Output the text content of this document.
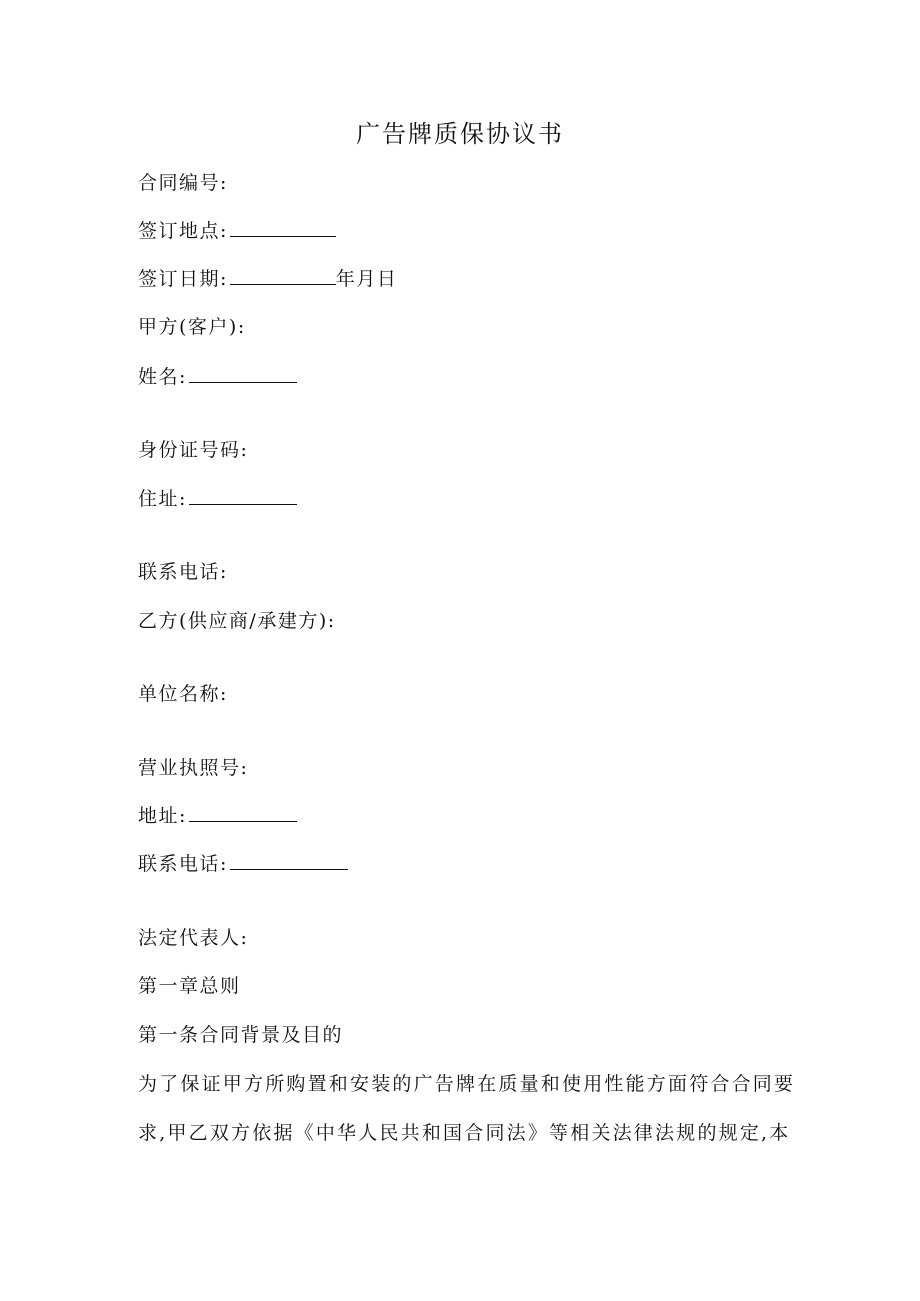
广告牌质保协议书
合同编号:
签订地点:
签订日期:	年月日
甲方(客户):
姓名:
身份证号码:
住址:
联系电话:
乙方(供应商/承建方):
单位名称:
营业执照号:
地址:
联系电话:
法定代表人:
第一章总则
第一条合同背景及目的
为了保证甲方所购置和安装的广告牌在质量和使用性能方面符合合同要
求,甲乙双方依据《中华人民共和国合同法》等相关法律法规的规定,本
